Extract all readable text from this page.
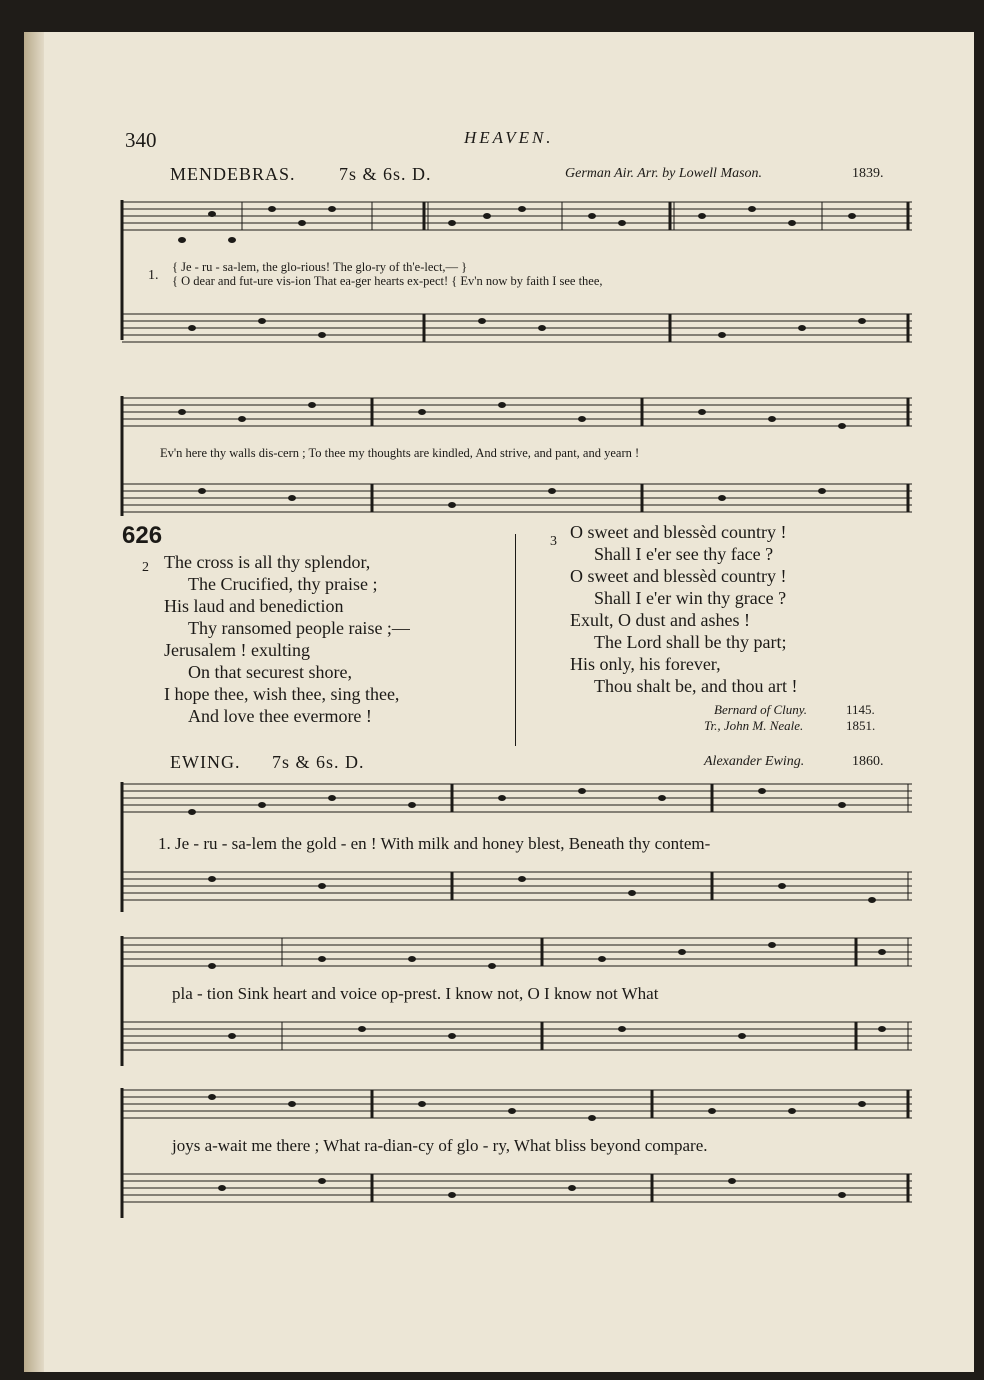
340	HEAVEN.
MENDEBRAS. 7s & 6s. D.	German Air. Arr. by Lowell Mason.	1839.
1.
{ Je - ru - sa-lem, the glo-rious! The glo-ry of th'e-lect,— }
{ O dear and fut-ure vis-ion That ea-ger hearts ex-pect! { Ev'n now by faith I see thee,
Ev'n here thy walls dis-cern ; To thee my thoughts are kindled, And strive, and pant, and yearn !
626
2 The cross is all thy splendor,
The Crucified, thy praise ;
His laud and benediction
Thy ransomed people raise ;—
Jerusalem ! exulting
On that securest shore,
I hope thee, wish thee, sing thee,
And love thee evermore !
3 O sweet and blessèd country !
Shall I e'er see thy face ?
O sweet and blessèd country !
Shall I e'er win thy grace ?
Exult, O dust and ashes !
The Lord shall be thy part;
His only, his forever,
Thou shalt be, and thou art !
Bernard of Cluny.	1145.
Tr., John M. Neale.	1851.
EWING. 7s & 6s. D.	Alexander Ewing.	1860.
1. Je - ru - sa-lem the gold - en ! With milk and honey blest, Beneath thy contem-
pla - tion Sink heart and voice op-prest. I know not, O I know not What
joys a-wait me there ; What ra-dian-cy of glo - ry, What bliss beyond compare.
